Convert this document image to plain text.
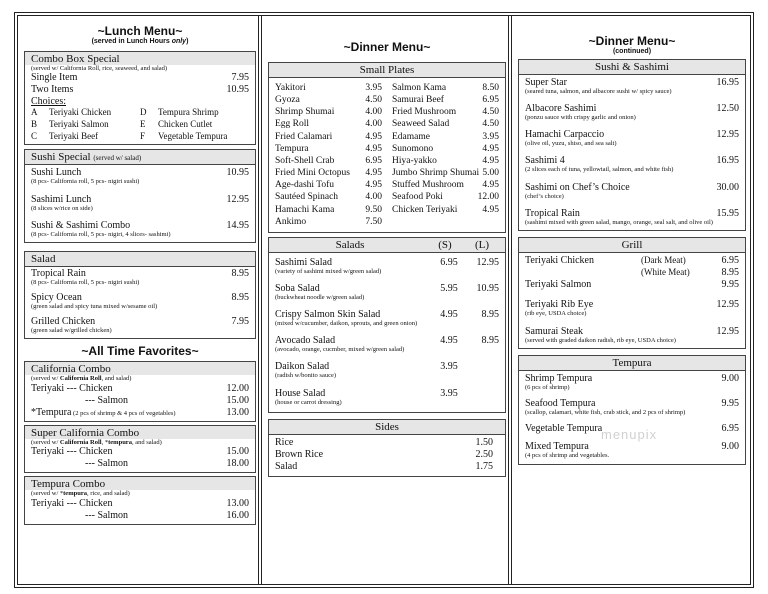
~Lunch Menu~
(served in Lunch Hours only)
Combo Box Special
(served w/ California Roll, rice, seaweed, and salad)
Single Item	7.95
Two Items	10.95
Choices:
A Teriyaki Chicken	D Tempura Shrimp
B Teriyaki Salmon	E Chicken Cutlet
C Teriyaki Beef	F	Vegetable Tempura
Sushi Special (served w/ salad)
Sushi Lunch	10.95
(8 pcs- California roll, 5 pcs- nigiri sushi)
Sashimi Lunch	12.95
(8 slices w/rice on side)
Sushi & Sashimi Combo	14.95
(8 pcs- California roll, 5 pcs- nigiri, 4 slices- sashimi)
Salad
Tropical Rain	8.95
(8 pcs- California roll, 5 pcs- nigiri sushi)
Spicy Ocean	8.95
(green salad and spicy tuna mixed w/sesame oil)
Grilled Chicken	7.95
(green salad w/grilled chicken)
~All Time Favorites~
California Combo
(served w/ California Roll, and salad)
Teriyaki --- Chicken	12.00
--- Salmon	15.00
*Tempura (2 pcs of shrimp & 4 pcs of vegetables)	13.00
Super California Combo
(served w/ California Roll, *tempura, and salad)
Teriyaki --- Chicken	15.00
--- Salmon	18.00
Tempura Combo
(served w/ *tempura, rice, and salad)
Teriyaki --- Chicken	13.00
--- Salmon	16.00
~Dinner Menu~
Small Plates
Yakitori	3.95
Gyoza	4.50
Shrimp Shumai	4.00
Egg Roll	4.00
Fried Calamari	4.95
Tempura	4.95
Soft-Shell Crab	6.95
Fried Mini Octopus	4.95
Age-dashi Tofu	4.95
Sautéed Spinach	4.00
Hamachi Kama	9.50
Ankimo	7.50
Salmon Kama	8.50
Samurai Beef	6.95
Fried Mushroom	4.50
Seaweed Salad	4.50
Edamame	3.95
Sunomono	4.95
Hiya-yakko	4.95
Jumbo Shrimp Shumai 5.00
Stuffed Mushroom	4.95
Seafood Poki	12.00
Chicken Teriyaki	4.95
Salads	(S)	(L)
Sashimi Salad	6.95	12.95
(variety of sashimi mixed w/green salad)
Soba Salad	5.95	10.95
(buckwheat noodle w/green salad)
Crispy Salmon Skin Salad	4.95	8.95
(mixed w/cucumber, daikon, sprouts, and green onion)
Avocado Salad	4.95	8.95
(avocado, orange, cucmber, mixed w/green salad)
Daikon Salad	3.95
(radish w/bonito sauce)
House Salad	3.95
(house or carrot dressing)
Sides
Rice	1.50
Brown Rice	2.50
Salad	1.75
~Dinner Menu~
(continued)
Sushi & Sashimi
Super Star	16.95
(seared tuna, salmon, and albacore sushi w/ spicy sauce)
Albacore Sashimi	12.50
(ponzu sauce with crispy garlic and onion)
Hamachi Carpaccio	12.95
(olive oil, yuzu, shiso, and sea salt)
Sashimi 4	16.95
(2 slices each of tuna, yellowtail, salmon, and white fish)
Sashimi on Chef’s Choice	30.00
(chef’s choice)
Tropical Rain	15.95
(sashimi mixed with green salad, mango, orange, seal salt, and olive oil)
Grill
Teriyaki Chicken	(Dark Meat)	6.95
(White Meat)	8.95
Teriyaki Salmon	9.95
Teriyaki Rib Eye	12.95
(rib eye, USDA choice)
Samurai Steak	12.95
(served with graded daikon radish, rib eye, USDA choice)
Tempura
Shrimp Tempura	9.00
(6 pcs of shrimp)
Seafood Tempura	9.95
(scallop, calamari, white fish, crab stick, and 2 pcs of shrimp)
Vegetable Tempura	6.95
Mixed Tempura	9.00
(4 pcs of shrimp and vegetables.
menupix
